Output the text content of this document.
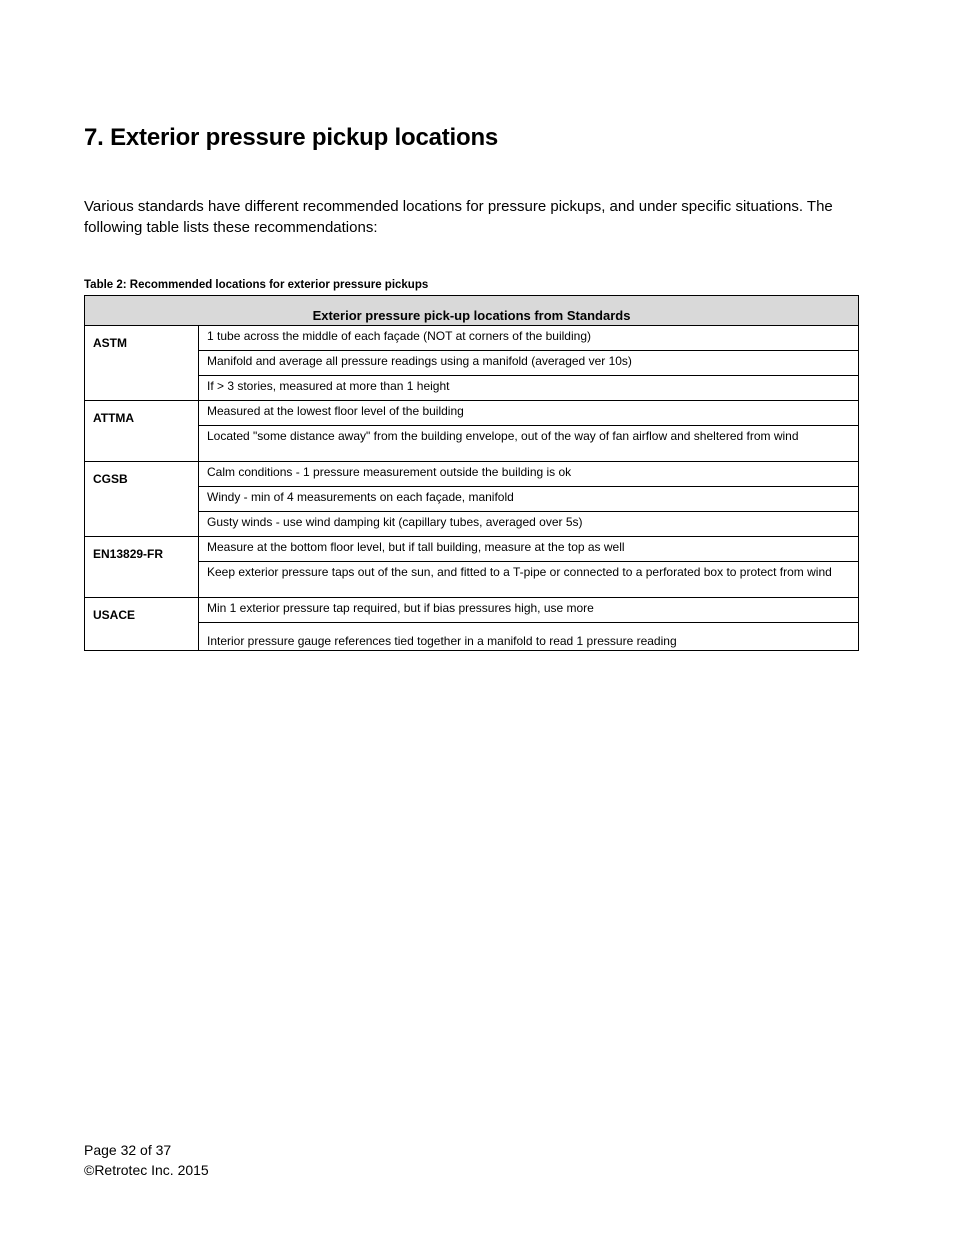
7. Exterior pressure pickup locations

Various standards have different recommended locations for pressure pickups, and under specific situations. The following table lists these recommendations:

Table 2: Recommended locations for exterior pressure pickups

Exterior pressure pick-up locations from Standards	
ASTM	1 tube across the middle of each façade (NOT at corners of the building)
	Manifold and average all pressure readings using a manifold (averaged ver 10s)
	If > 3 stories, measured at more than 1 height
ATTMA	Measured at the lowest floor level of the building
	Located "some distance away" from the building envelope, out of the way of fan airflow and sheltered from wind
CGSB	Calm conditions - 1 pressure measurement outside the building is ok
	Windy - min of 4 measurements on each façade, manifold
	Gusty winds - use wind damping kit (capillary tubes, averaged over 5s)
EN13829-FR	Measure at the bottom floor level, but if tall building, measure at the top as well
	Keep exterior pressure taps out of the sun, and fitted to a T-pipe or connected to a perforated box to protect from wind
USACE	Min 1 exterior pressure tap required, but if bias pressures high, use more
	Interior pressure gauge references tied together in a manifold to read 1 pressure reading
Page 32 of 37
©Retrotec Inc. 2015
